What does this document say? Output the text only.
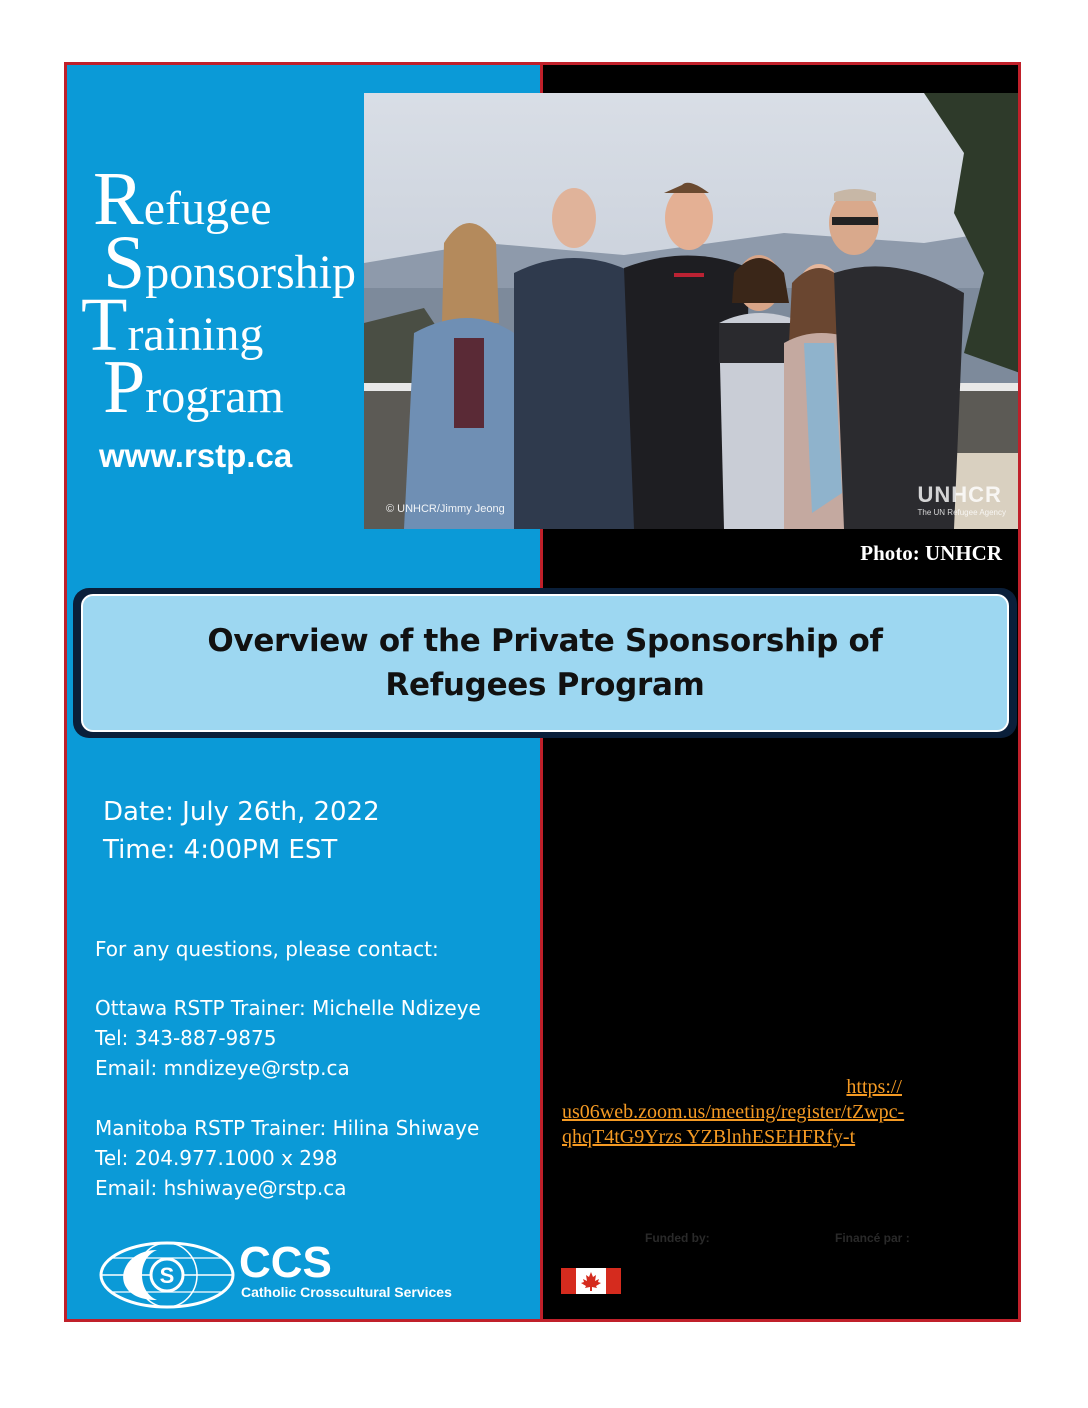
Refugee
Sponsorship
Training
Program
www.rstp.ca
Date: July 26th, 2022
Time: 4:00PM EST
For any questions, please contact:
Ottawa RSTP Trainer: Michelle Ndizeye
Tel: 343-887-9875
Email: mndizeye@rstp.ca
Manitoba RSTP Trainer: Hilina Shiwaye
Tel: 204.977.1000 x 298
Email: hshiwaye@rstp.ca
S CCS
Catholic Crosscultural Services
© UNHCR/Jimmy Jeong
UNHCR
The UN Refugee Agency
Photo: UNHCR
Overview of the Private Sponsorship of Refugees Program
https://
us06web.zoom.us/meeting/register/tZwpc-
qhqT4tG9Yrzs YZBlnhESEHFRfy-t
Funded by:	Financé par :
